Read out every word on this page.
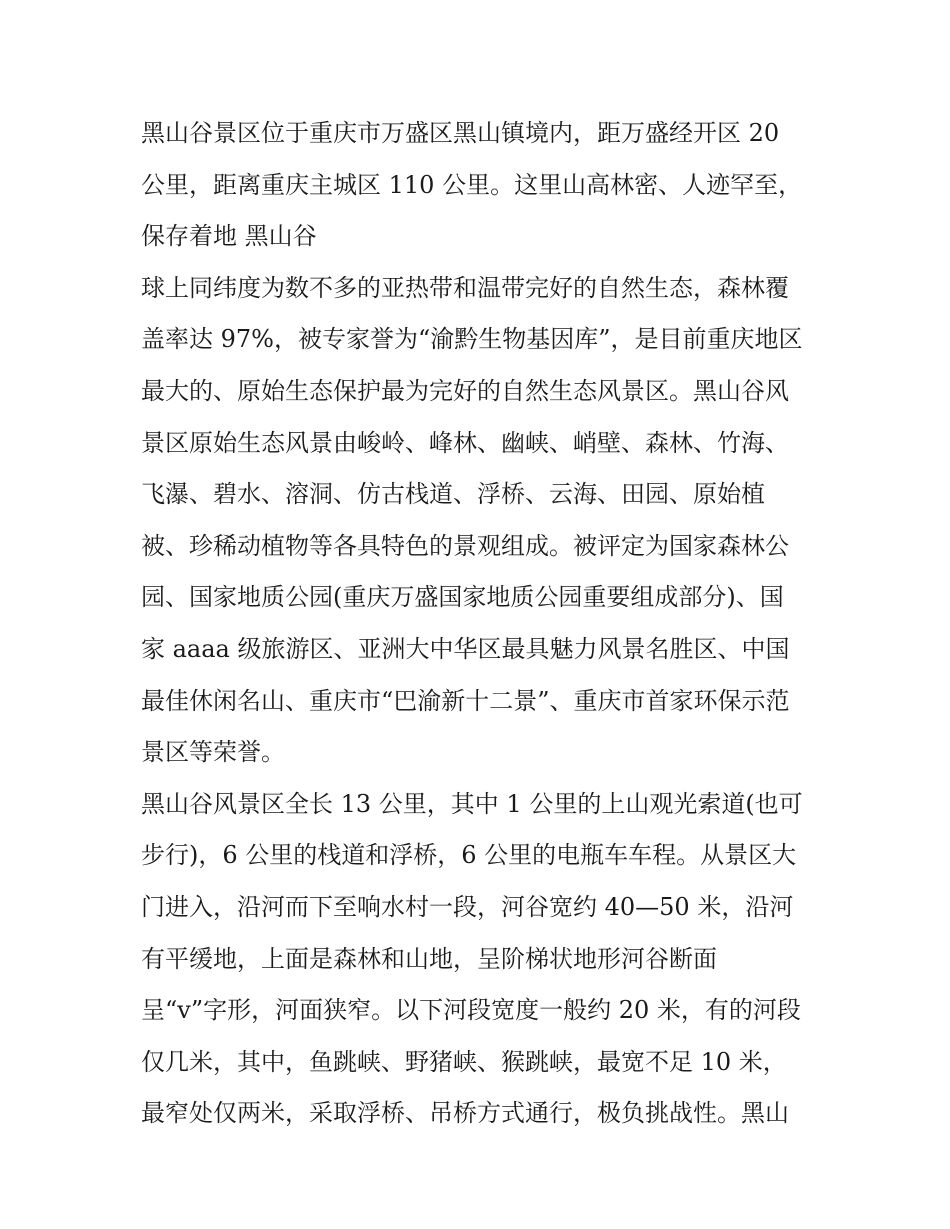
黑山谷景区位于重庆市万盛区黑山镇境内，距万盛经开区 20
公里，距离重庆主城区 110 公里。这里山高林密、人迹罕至，
保存着地 黑山谷
球上同纬度为数不多的亚热带和温带完好的自然生态，森林覆
盖率达 97%，被专家誉为“渝黔生物基因库”，是目前重庆地区
最大的、原始生态保护最为完好的自然生态风景区。黑山谷风
景区原始生态风景由峻岭、峰林、幽峡、峭壁、森林、竹海、
飞瀑、碧水、溶洞、仿古栈道、浮桥、云海、田园、原始植
被、珍稀动植物等各具特色的景观组成。被评定为国家森林公
园、国家地质公园(重庆万盛国家地质公园重要组成部分)、国
家 aaaa 级旅游区、亚洲大中华区最具魅力风景名胜区、中国
最佳休闲名山、重庆市“巴渝新十二景”、重庆市首家环保示范
景区等荣誉。
黑山谷风景区全长 13 公里，其中 1 公里的上山观光索道(也可
步行)，6 公里的栈道和浮桥，6 公里的电瓶车车程。从景区大
门进入，沿河而下至响水村一段，河谷宽约 40—50 米，沿河
有平缓地，上面是森林和山地，呈阶梯状地形河谷断面
呈“v”字形，河面狭窄。以下河段宽度一般约 20 米，有的河段
仅几米，其中，鱼跳峡、野猪峡、猴跳峡，最宽不足 10 米，
最窄处仅两米，采取浮桥、吊桥方式通行，极负挑战性。黑山
